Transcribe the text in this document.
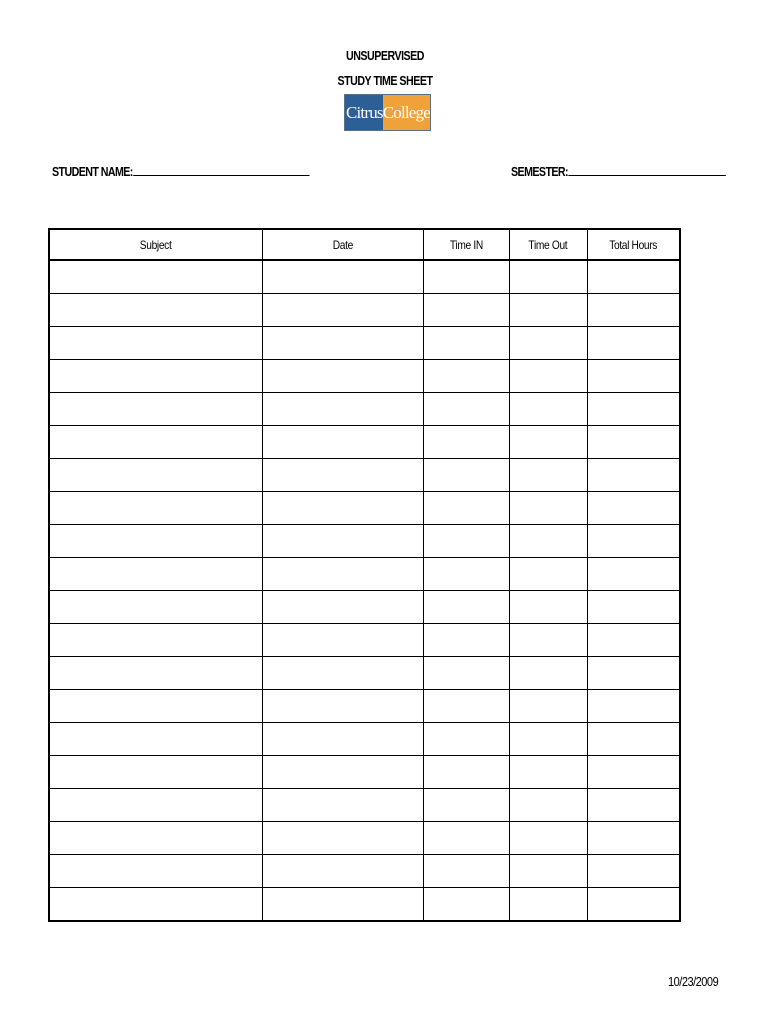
UNSUPERVISED
STUDY TIME SHEET
Citrus College
STUDENT NAME:	SEMESTER:
Subject	Date	Time IN	Time Out	Total Hours

10/23/2009
